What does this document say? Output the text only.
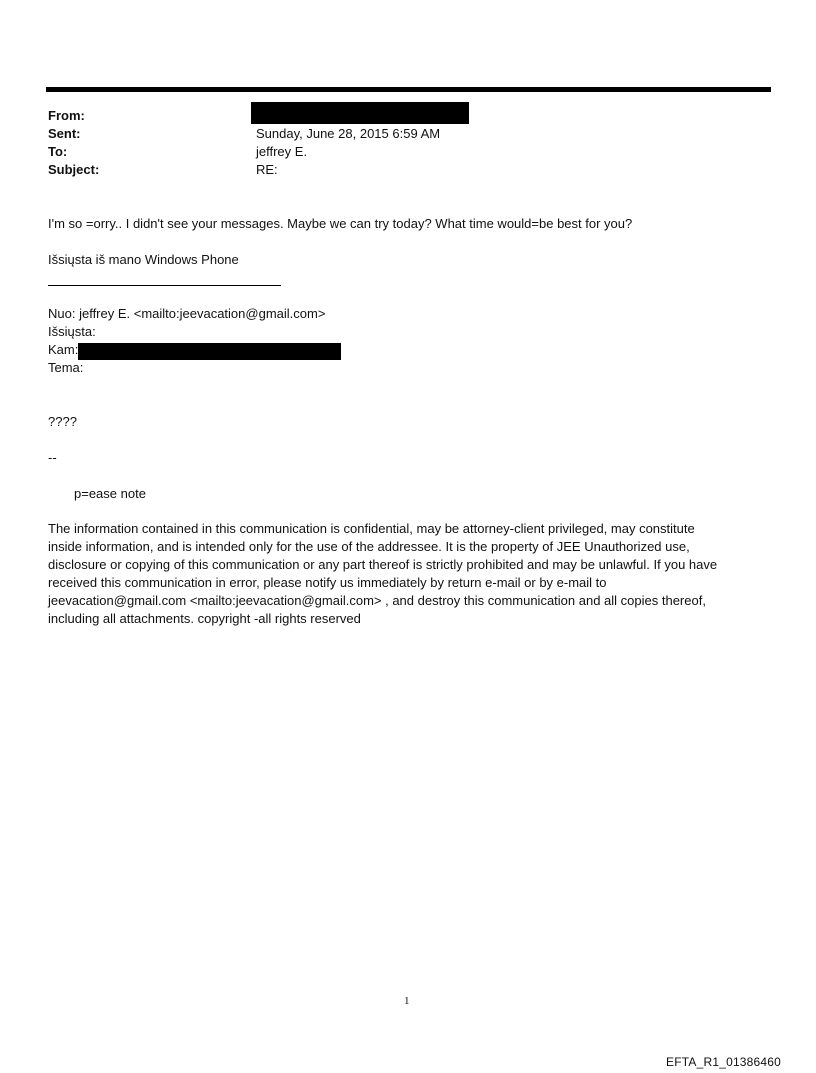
From:
Sent:
To:
Subject:
Sunday, June 28, 2015 6:59 AM
jeffrey E.
RE:
I'm so =orry.. I didn't see your messages. Maybe we can try today? What time would=be best for you?
Išsiųsta iš mano Windows Phone
Nuo: jeffrey E. <mailto:jeevacation@gmail.com>
Išsiųsta:
Kam:
Tema:
????
--
p=ease note
The information contained in this communication is confidential, may be attorney-client privileged, may constitute
inside information, and is intended only for the use of the addressee. It is the property of JEE Unauthorized use,
disclosure or copying of this communication or any part thereof is strictly prohibited and may be unlawful. If you have
received this communication in error, please notify us immediately by return e-mail or by e-mail to
jeevacation@gmail.com <mailto:jeevacation@gmail.com> , and destroy this communication and all copies thereof,
including all attachments. copyright -all rights reserved
1
EFTA_R1_01386460
